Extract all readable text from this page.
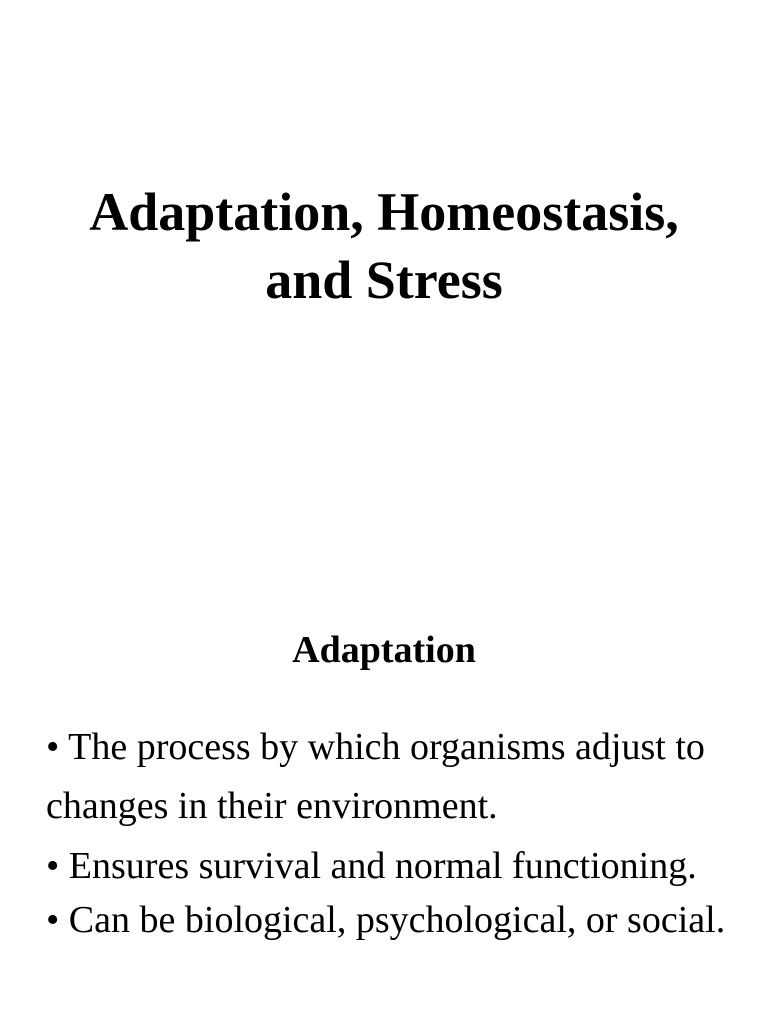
Adaptation, Homeostasis, and Stress
Adaptation
• The process by which organisms adjust to changes in their environment.
• Ensures survival and normal functioning.
• Can be biological, psychological, or social.
